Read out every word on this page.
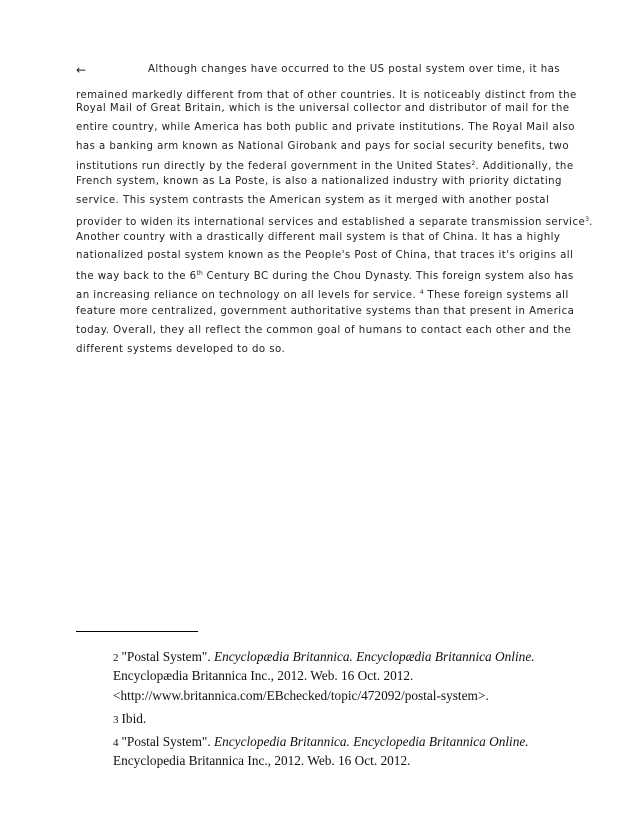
←	Although changes have occurred to the US postal system over time, it has
remained markedly different from that of other countries. It is noticeably distinct from the
Royal Mail of Great Britain, which is the universal collector and distributor of mail for the
entire country, while America has both public and private institutions. The Royal Mail also
has a banking arm known as National Girobank and pays for social security benefits, two
institutions run directly by the federal government in the United States$^2$. Additionally, the
French system, known as La Poste, is also a nationalized industry with priority dictating
service. This system contrasts the American system as it merged with another postal
provider to widen its international services and established a separate transmission service$^3$.
Another country with a drastically different mail system is that of China. It has a highly
nationalized postal system known as the People's Post of China, that traces it's origins all
the way back to the 6th Century BC during the Chou Dynasty. This foreign system also has
an increasing reliance on technology on all levels for service. $^4$ These foreign systems all
feature more centralized, government authoritative systems than that present in America
today. Overall, they all reflect the common goal of humans to contact each other and the
different systems developed to do so.
2 "Postal System". Encyclopædia Britannica. Encyclopædia Britannica Online.
Encyclopædia Britannica Inc., 2012. Web. 16 Oct. 2012.
<http://www.britannica.com/EBchecked/topic/472092/postal-system>.
3 Ibid.
4 "Postal System". Encyclopedia Britannica. Encyclopedia Britannica Online.
Encyclopedia Britannica Inc., 2012. Web. 16 Oct. 2012.
